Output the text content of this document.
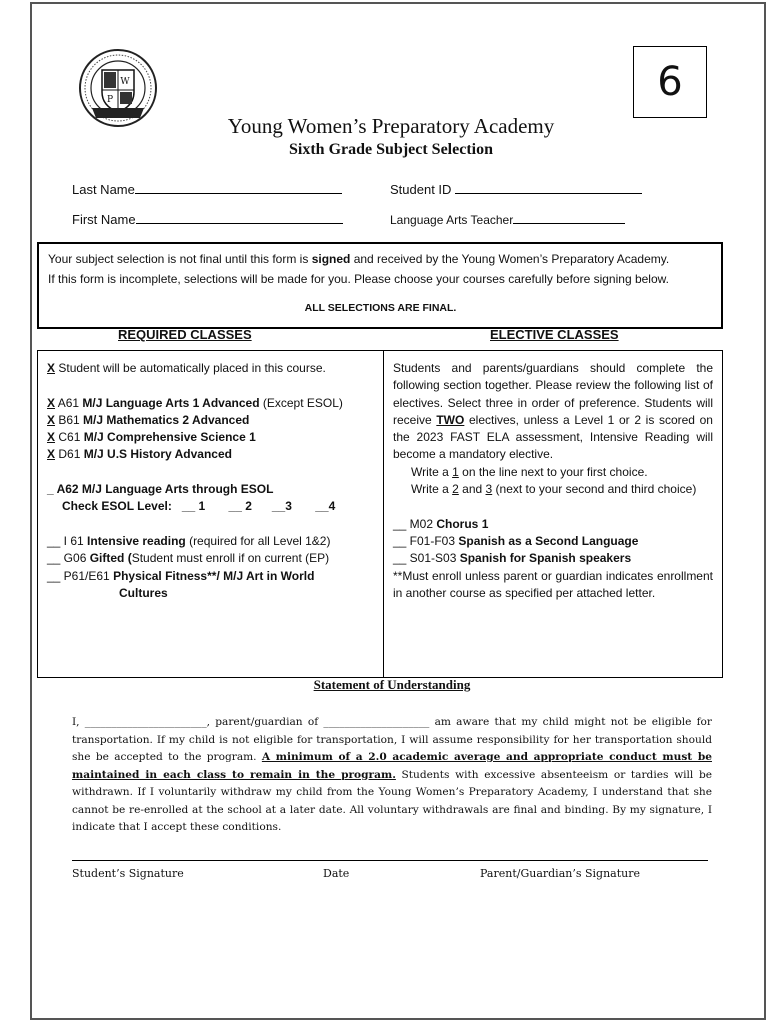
W
P	6
Young Women’s Preparatory Academy
Sixth Grade Subject Selection
Last Name	Student ID
First Name	Language Arts Teacher
Your subject selection is not final until this form is signed and received by the Young Women’s Preparatory Academy.
If this form is incomplete, selections will be made for you. Please choose your courses carefully before signing below.
ALL SELECTIONS ARE FINAL.
REQUIRED CLASSES	ELECTIVE CLASSES
X Student will be automatically placed in this course.
X A61 M/J Language Arts 1 Advanced (Except ESOL)
X B61 M/J Mathematics 2 Advanced
X C61 M/J Comprehensive Science 1
X D61 M/J U.S History Advanced
_ A62 M/J Language Arts through ESOL
Check ESOL Level:   __ 1       __ 2      __3       __4
__ I 61 Intensive reading (required for all Level 1&2)
__ G06 Gifted (Student must enroll if on current (EP)
__ P61/E61 Physical Fitness**/ M/J Art in World
Cultures
Students and parents/guardians should complete the following section together. Please review the following list of electives. Select three in order of preference. Students will receive TWO electives, unless a Level 1 or 2 is scored on the 2023 FAST ELA assessment, Intensive Reading will become a mandatory elective.
Write a 1 on the line next to your first choice.
Write a 2 and 3 (next to your second and third choice)
__ M02 Chorus 1
__ F01-F03 Spanish as a Second Language
__ S01-S03 Spanish for Spanish speakers
**Must enroll unless parent or guardian indicates enrollment in another course as specified per attached letter.
Statement of Understanding
I, _______________________, parent/guardian of ____________________ am aware that my child might not be eligible for transportation. If my child is not eligible for transportation, I will assume responsibility for her transportation should she be accepted to the program. A minimum of a 2.0 academic average and appropriate conduct must be maintained in each class to remain in the program. Students with excessive absenteeism or tardies will be withdrawn. If I voluntarily withdraw my child from the Young Women’s Preparatory Academy, I understand that she cannot be re-enrolled at the school at a later date. All voluntary withdrawals are final and binding. By my signature, I indicate that I accept these conditions.
Student’s Signature	Date	Parent/Guardian’s Signature
